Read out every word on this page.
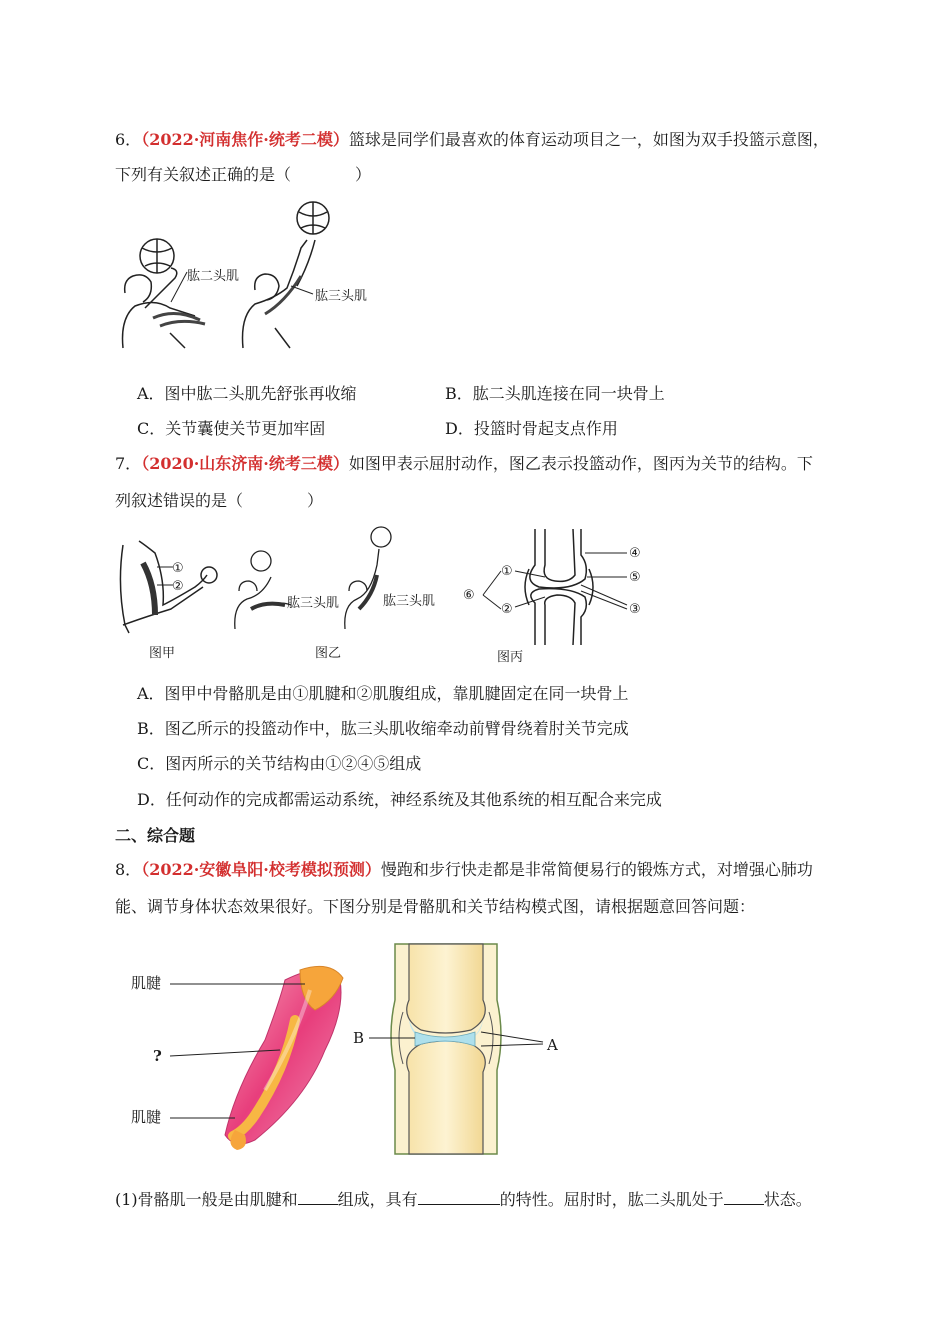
6．（2022·河南焦作·统考二模）篮球是同学们最喜欢的体育运动项目之一，如图为双手投篮示意图，
下列有关叙述正确的是（　　　　）
肱二头肌
肱三头肌
A．图中肱二头肌先舒张再收缩	B．肱二头肌连接在同一块骨上
C．关节囊使关节更加牢固	D．投篮时骨起支点作用
7．（2020·山东济南·统考三模）如图甲表示屈肘动作，图乙表示投篮动作，图丙为关节的结构。下
列叙述错误的是（　　　　）
①
②
图甲
肱三头肌	肱三头肌
图乙
①
②	③
④
⑤
⑥
图丙
A．图甲中骨骼肌是由①肌腱和②肌腹组成，靠肌腱固定在同一块骨上
B．图乙所示的投篮动作中，肱三头肌收缩牵动前臂骨绕着肘关节完成
C．图丙所示的关节结构由①②④⑤组成
D．任何动作的完成都需运动系统，神经系统及其他系统的相互配合来完成
二、综合题
8．（2022·安徽阜阳·校考模拟预测）慢跑和步行快走都是非常简便易行的锻炼方式，对增强心肺功
能、调节身体状态效果很好。下图分别是骨骼肌和关节结构模式图，请根据题意回答问题：
肌腱
?
肌腱
B	A
(1)骨骼肌一般是由肌腱和	组成，具有	的特性。屈肘时，肱二头肌处于	状态。
